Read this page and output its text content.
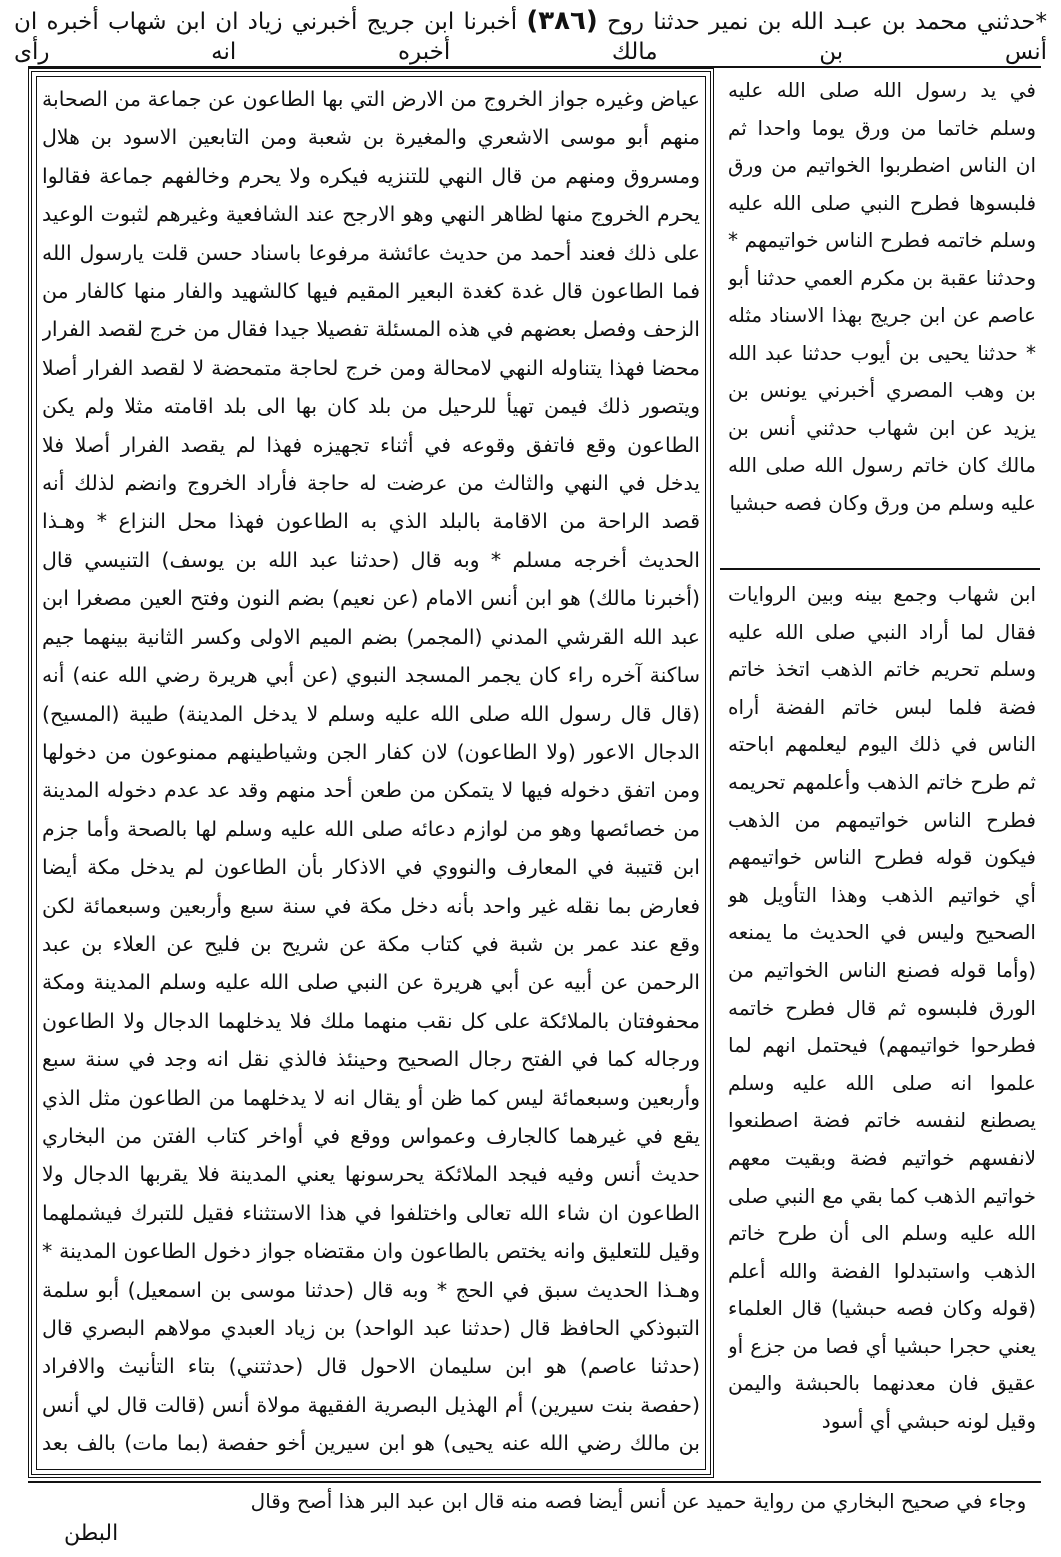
*حدثني محمد بن عبـد الله بن نمير حدثنا روح (٣٨٦) أخبرنا ابن جريج أخبرني زياد ان ابن شهاب أخبره ان أنس بن مالك أخبره انه رأى
عياض وغيره جواز الخروج من الارض التي بها الطاعون عن جماعة من الصحابة منهم أبو موسى الاشعري والمغيرة بن شعبة ومن التابعين الاسود بن هلال ومسروق ومنهم من قال النهي للتنزيه فيكره ولا يحرم وخالفهم جماعة فقالوا يحرم الخروج منها لظاهر النهي وهو الارجح عند الشافعية وغيرهم لثبوت الوعيد على ذلك فعند أحمد من حديث عائشة مرفوعا باسناد حسن قلت يارسول الله فما الطاعون قال غدة كغدة البعير المقيم فيها كالشهيد والفار منها كالفار من الزحف وفصل بعضهم في هذه المسئلة تفصيلا جيدا فقال من خرج لقصد الفرار محضا فهذا يتناوله النهي لامحالة ومن خرج لحاجة متمحضة لا لقصد الفرار أصلا ويتصور ذلك فيمن تهيأ للرحيل من بلد كان بها الى بلد اقامته مثلا ولم يكن الطاعون وقع فاتفق وقوعه في أثناء تجهيزه فهذا لم يقصد الفرار أصلا فلا يدخل في النهي والثالث من عرضت له حاجة فأراد الخروج وانضم لذلك أنه قصد الراحة من الاقامة بالبلد الذي به الطاعون فهذا محل النزاع * وهـذا الحديث أخرجه مسلم * وبه قال (حدثنا عبد الله بن يوسف) التنيسي قال (أخبرنا مالك) هو ابن أنس الامام (عن نعيم) بضم النون وفتح العين مصغرا ابن عبد الله القرشي المدني (المجمر) بضم الميم الاولى وكسر الثانية بينهما جيم ساكنة آخره راء كان يجمر المسجد النبوي (عن أبي هريرة رضي الله عنه) أنه (قال قال رسول الله صلى الله عليه وسلم لا يدخل المدينة) طيبة (المسيح) الدجال الاعور (ولا الطاعون) لان كفار الجن وشياطينهم ممنوعون من دخولها ومن اتفق دخوله فيها لا يتمكن من طعن أحد منهم وقد عد عدم دخوله المدينة من خصائصها وهو من لوازم دعائه صلى الله عليه وسلم لها بالصحة وأما جزم ابن قتيبة في المعارف والنووي في الاذكار بأن الطاعون لم يدخل مكة أيضا فعارض بما نقله غير واحد بأنه دخل مكة في سنة سبع وأربعين وسبعمائة لكن وقع عند عمر بن شبة في كتاب مكة عن شريح بن فليح عن العلاء بن عبد الرحمن عن أبيه عن أبي هريرة عن النبي صلى الله عليه وسلم المدينة ومكة محفوفتان بالملائكة على كل نقب منهما ملك فلا يدخلهما الدجال ولا الطاعون ورجاله كما في الفتح رجال الصحيح وحينئذ فالذي نقل انه وجد في سنة سبع وأربعين وسبعمائة ليس كما ظن أو يقال انه لا يدخلهما من الطاعون مثل الذي يقع في غيرهما كالجارف وعمواس ووقع في أواخر كتاب الفتن من البخاري حديث أنس وفيه فيجد الملائكة يحرسونها يعني المدينة فلا يقربها الدجال ولا الطاعون ان شاء الله تعالى واختلفوا في هذا الاستثناء فقيل للتبرك فيشملهما وقيل للتعليق وانه يختص بالطاعون وان مقتضاه جواز دخول الطاعون المدينة * وهـذا الحديث سبق في الحج * وبه قال (حدثنا موسى بن اسمعيل) أبو سلمة التبوذكي الحافظ قال (حدثنا عبد الواحد) بن زياد العبدي مولاهم البصري قال (حدثنا عاصم) هو ابن سليمان الاحول قال (حدثتني) بتاء التأنيث والافراد (حفصة بنت سيرين) أم الهذيل البصرية الفقيهة مولاة أنس (قالت قال لي أنس بن مالك رضي الله عنه يحيى) هو ابن سيرين أخو حفصة (بما مات) بالف بعد
في يد رسول الله صلى الله عليه وسلم خاتما من ورق يوما واحدا ثم ان الناس اضطربوا الخواتيم من ورق فلبسوها فطرح النبي صلى الله عليه وسلم خاتمه فطرح الناس خواتيمهم * وحدثنا عقبة بن مكرم العمي حدثنا أبو عاصم عن ابن جريج بهذا الاسناد مثله * حدثنا يحيى بن أيوب حدثنا عبد الله بن وهب المصري أخبرني يونس بن يزيد عن ابن شهاب حدثني أنس بن مالك كان خاتم رسول الله صلى الله عليه وسلم من ورق وكان فصه حبشيا
ابن شهاب وجمع بينه وبين الروايات فقال لما أراد النبي صلى الله عليه وسلم تحريم خاتم الذهب اتخذ خاتم فضة فلما لبس خاتم الفضة أراه الناس في ذلك اليوم ليعلمهم اباحته ثم طرح خاتم الذهب وأعلمهم تحريمه فطرح الناس خواتيمهم من الذهب فيكون قوله فطرح الناس خواتيمهم أي خواتيم الذهب وهذا التأويل هو الصحيح وليس في الحديث ما يمنعه (وأما قوله فصنع الناس الخواتيم من الورق فلبسوه ثم قال فطرح خاتمه فطرحوا خواتيمهم) فيحتمل انهم لما علموا انه صلى الله عليه وسلم يصطنع لنفسه خاتم فضة اصطنعوا لانفسهم خواتيم فضة وبقيت معهم خواتيم الذهب كما بقي مع النبي صلى الله عليه وسلم الى أن طرح خاتم الذهب واستبدلوا الفضة والله أعلم (قوله وكان فصه حبشيا) قال العلماء يعني حجرا حبشيا أي فصا من جزع أو عقيق فان معدنهما بالحبشة واليمن وقيل لونه حبشي أي أسود
وجاء في صحيح البخاري من رواية حميد عن أنس أيضا فصه منه قال ابن عبد البر هذا أصح وقال
البطن
